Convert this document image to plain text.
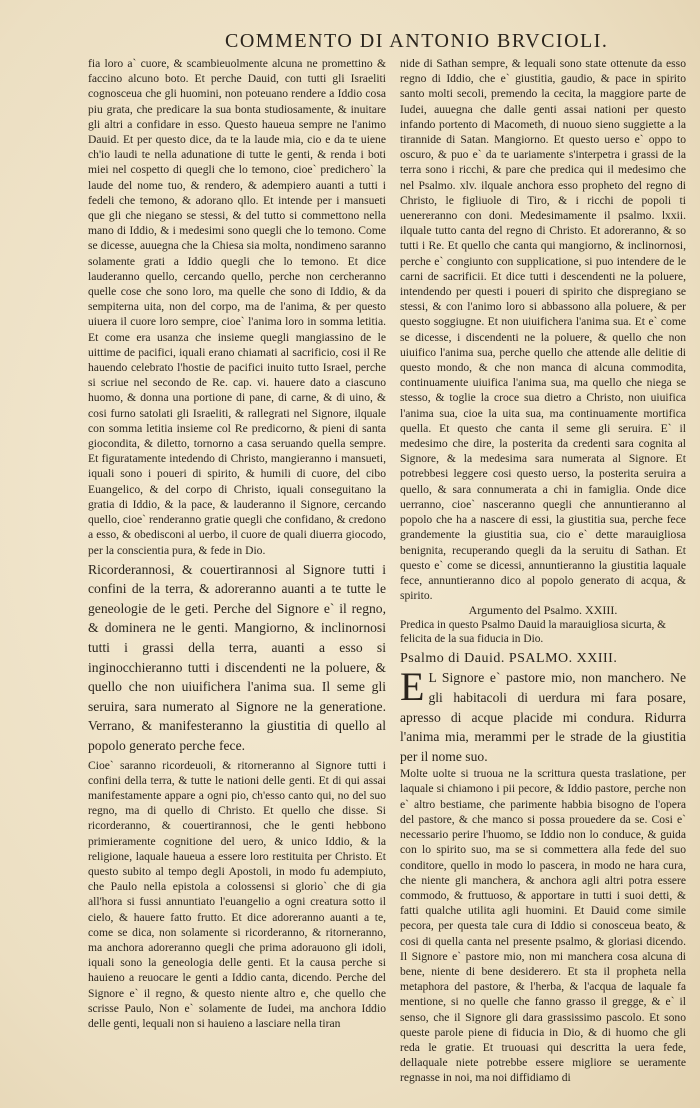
COMMENTO DI ANTONIO BRVCIOLI.

fia loro a` cuore, & scambieuolmente alcuna ne promettino & faccino alcuno boto. Et perche Dauid, con tutti gli Israeliti cognosceua che gli huomini, non poteuano rendere a Iddio cosa piu grata, che predicare la sua bonta studiosamente, & inuitare gli altri a confidare in esso. Questo haueua sempre ne l'animo Dauid. Et per questo dice, da te la laude mia, cio e da te uiene ch'io laudi te nella adunatione di tutte le genti, & renda i boti miei nel cospetto di quegli che lo temono, cioe` predichero` la laude del nome tuo, & rendero, & adempiero auanti a tutti i fedeli che temono, & adorano qllo. Et intende per i mansueti que gli che niegano se stessi, & del tutto si commettono nella mano di Iddio, & i medesimi sono quegli che lo temono. Come se dicesse, auuegna che la Chiesa sia molta, nondimeno saranno solamente grati a Iddio quegli che lo temono. Et dice lauderanno quello, cercando quello, perche non cercheranno quelle cose che sono loro, ma quelle che sono di Iddio, & da sempiterna uita, non del corpo, ma de l'anima, & per questo uiuera il cuore loro sempre, cioe` l'anima loro in somma letitia. Et come era usanza che insieme quegli mangiassino de le uittime de pacifici, iquali erano chiamati al sacrificio, cosi il Re hauendo celebrato l'hostie de pacifici inuito tutto Israel, perche si scriue nel secondo de Re. cap. vi. hauere dato a ciascuno huomo, & donna una portione di pane, di carne, & di uino, & cosi furno satolati gli Israeliti, & rallegrati nel Signore, ilquale con somma letitia insieme col Re predicorno, & pieni di santa giocondita, & diletto, tornorno a casa seruando quella sempre. Et figuratamente intedendo di Christo, mangieranno i mansueti, iquali sono i poueri di spirito, & humili di cuore, del cibo Euangelico, & del corpo di Christo, iquali conseguitano la gratia di Iddio, & la pace, & lauderanno il Signore, cercando quello, cioe` renderanno gratie quegli che confidano, & credono a esso, & obedisconi al uerbo, il cuore de quali diuerra giocodo, per la conscientia pura, & fede in Dio.

Ricorderannosi, & couertirannosi al Signore tutti i confini de la terra, & adoreranno auanti a te tutte le geneologie de le geti. Perche del Signore e` il regno, & dominera ne le genti. Mangiorno, & inclinornosi tutti i grassi della terra, auanti a esso si inginocchieranno tutti i discendenti ne la poluere, & quello che non uiuifichera l'anima sua. Il seme gli seruira, sara numerato al Signore ne la generatione. Verrano, & manifesteranno la giustitia di quello al popolo generato perche fece.

Cioe` saranno ricordeuoli, & ritorneranno al Signore tutti i confini della terra, & tutte le nationi delle genti. Et di qui assai manifestamente appare a ogni pio, ch'esso canto qui, no del suo regno, ma di quello di Christo. Et quello che disse. Si ricorderanno, & couertirannosi, che le genti hebbono primieramente cognitione del uero, & unico Iddio, & la religione, laquale haueua a essere loro restituita per Christo. Et questo subito al tempo degli Apostoli, in modo fu adempiuto, che Paulo nella epistola a colossensi si glorio` che di gia all'hora si fussi annuntiato l'euangelio a ogni creatura sotto il cielo, & hauere fatto frutto. Et dice adoreranno auanti a te, come se dica, non solamente si ricorderanno, & ritorneranno, ma anchora adoreranno quegli che prima adorauono gli idoli, iquali sono la geneologia delle genti. Et la causa perche si hauieno a reuocare le genti a Iddio canta, dicendo. Perche del Signore e` il regno, & questo niente altro e, che quello che scrisse Paulo, Non e` solamente de Iudei, ma anchora Iddio delle genti, lequali non si hauieno a lasciare nella tiran

nide di Sathan sempre, & lequali sono state ottenute da esso regno di Iddio, che e` giustitia, gaudio, & pace in spirito santo molti secoli, premendo la cecita, la maggiore parte de Iudei, auuegna che dalle genti assai nationi per questo infando portento di Macometh, di nuouo sieno suggiette a la tirannide di Satan. Mangiorno. Et questo uerso e` oppo to oscuro, & puo e` da te uariamente s'interpetra i grassi de la terra sono i ricchi, & pare che predica qui il medesimo che nel Psalmo. xlv. ilquale anchora esso propheto del regno di Christo, le figliuole di Tiro, & i ricchi de popoli ti uenereranno con doni. Medesimamente il psalmo. lxxii. ilquale tutto canta del regno di Christo. Et adoreranno, & so tutti i Re. Et quello che canta qui mangiorno, & inclinornosi, perche e` congiunto con supplicatione, si puo intendere de le carni de sacrificii. Et dice tutti i descendenti ne la poluere, intendendo per questi i poueri di spirito che dispregiano se stessi, & con l'animo loro si abbassono alla poluere, & per questo soggiugne. Et non uiuifichera l'anima sua. Et e` come se dicesse, i discendenti ne la poluere, & quello che non uiuifico l'anima sua, perche quello che attende alle delitie di questo mondo, & che non manca di alcuna commodita, continuamente uiuifica l'anima sua, ma quello che niega se stesso, & toglie la croce sua dietro a Christo, non uiuifica l'anima sua, cioe la uita sua, ma continuamente mortifica quella. Et questo che canta il seme gli seruira. E` il medesimo che dire, la posterita da credenti sara cognita al Signore, & la medesima sara numerata al Signore. Et potrebbesi leggere cosi questo uerso, la posterita seruira a quello, & sara connumerata a chi in famiglia. Onde dice uerranno, cioe` nasceranno quegli che annuntieranno al popolo che ha a nascere di essi, la giustitia sua, perche fece grandemente la giustitia sua, cio e` dette marauigliosa benignita, recuperando quegli da la seruitu di Sathan. Et questo e` come se dicessi, annuntieranno la giustitia laquale fece, annuntieranno dico al popolo generato di acqua, & spirito.

Argumento del Psalmo. XXIII.

Predica in questo Psalmo Dauid la marauigliosa sicurta, & felicita de la sua fiducia in Dio.

Psalmo di Dauid. PSALMO. XXIII.

E L Signore e` pastore mio, non manchero. Ne gli habitacoli di uerdura mi fara posare, apresso di acque placide mi condura. Ridurra l'anima mia, merammi per le strade de la giustitia per il nome suo.

Molte uolte si truoua ne la scrittura questa traslatione, per laquale si chiamono i pii pecore, & Iddio pastore, perche non e` altro bestiame, che parimente habbia bisogno de l'opera del pastore, & che manco si possa prouedere da se. Cosi e` necessario perire l'huomo, se Iddio non lo conduce, & guida con lo spirito suo, ma se si commettera alla fede del suo conditore, quello in modo lo pascera, in modo ne hara cura, che niente gli manchera, & anchora agli altri potra essere commodo, & fruttuoso, & apportare in tutti i suoi detti, & fatti qualche utilita agli huomini. Et Dauid come simile pecora, per questa tale cura di Iddio si conosceua beato, & cosi di quella canta nel presente psalmo, & gloriasi dicendo. Il Signore e` pastore mio, non mi manchera cosa alcuna di bene, niente di bene desiderero. Et sta il propheta nella metaphora del pastore, & l'herba, & l'acqua de laquale fa mentione, si no quelle che fanno grasso il gregge, & e` il senso, che il Signore gli dara grassissimo pascolo. Et sono queste parole piene di fiducia in Dio, & di huomo che gli reda le gratie. Et truouasi qui descritta la uera fede, dellaquale niete potrebbe essere migliore se ueramente regnasse in noi, ma noi diffidiamo di
